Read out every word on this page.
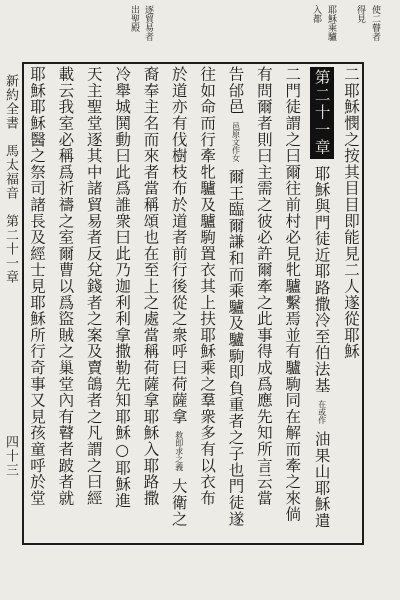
使二瞽者
得見
耶穌乘驢
入都
二耶穌憫之按其目目即能見二人遂從耶穌
第二十一章 耶穌與門徒近耶路撒冷至伯法基 在或作 油果山耶穌遣
二門徒謂之曰爾往前村必見牝驢繫焉並有驢駒同在解而牽之來倘
有問爾者則曰主需之彼必許爾牽之此事得成爲應先知所言云當
告邰邑 邑原文作女 爾王臨爾謙和而乘驢及驢駒即負重者之子也門徒遂
往如命而行牽牝驢及驢駒置衣其上扶耶穌乘之羣衆多有以衣布
於道亦有伐樹枝布於道者前行後從之衆呼曰荷薩拿 救即求之義 大衛之
裔奉主名而來者當稱頌也在至上之處當稱荷薩拿耶穌入耶路撒
冷舉城鬨動曰此爲誰衆曰此乃迦利利拿撒勒先知耶穌○耶穌進
天主聖堂逐其中諸貿易者反兌錢者之案及賣鴿者之凡謂之曰經
載云我室必稱爲祈禱之室爾曹以爲盜賊之巢堂內有瞽者跛者就
耶穌耶穌醫之祭司諸長及經士見耶穌所行奇事又見孩童呼於堂
新約全書　馬太福音　第二十一章
四十三
逐貿易者
出聖殿
